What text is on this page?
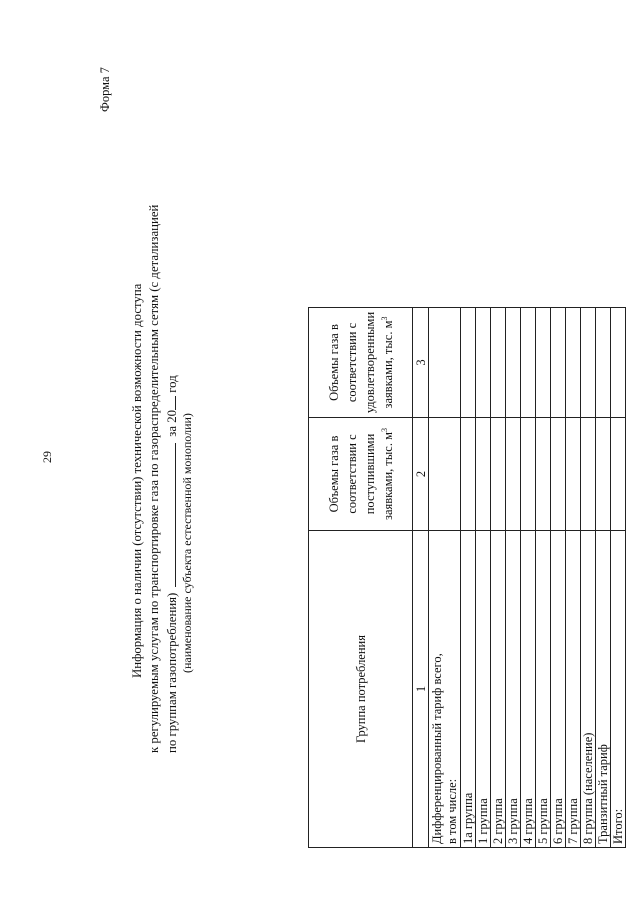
29
Форма 7
Информация о наличии (отсутствии) технической возможности доступа к регулируемым услугам по транспортировке газа по газораспределительным сетям (с детализацией по группам газопотребления)за 20 год
(наименование субъекта естественной монополии)
Группа потребления	Объемы газа в соответствии с поступившими заявками, тыс. $м^3$	Объемы газа в соответствии с удовлетворенными заявками, тыс. $м^3$
1	2	3
Дифференцированный тариф всего,
в том числе:		
1а группа		
1 группа		
2 группа		
3 группа		
4 группа		
5 группа		
6 группа		
7 группа		
8 группа (население)		
Транзитный тариф		
Итого:		
